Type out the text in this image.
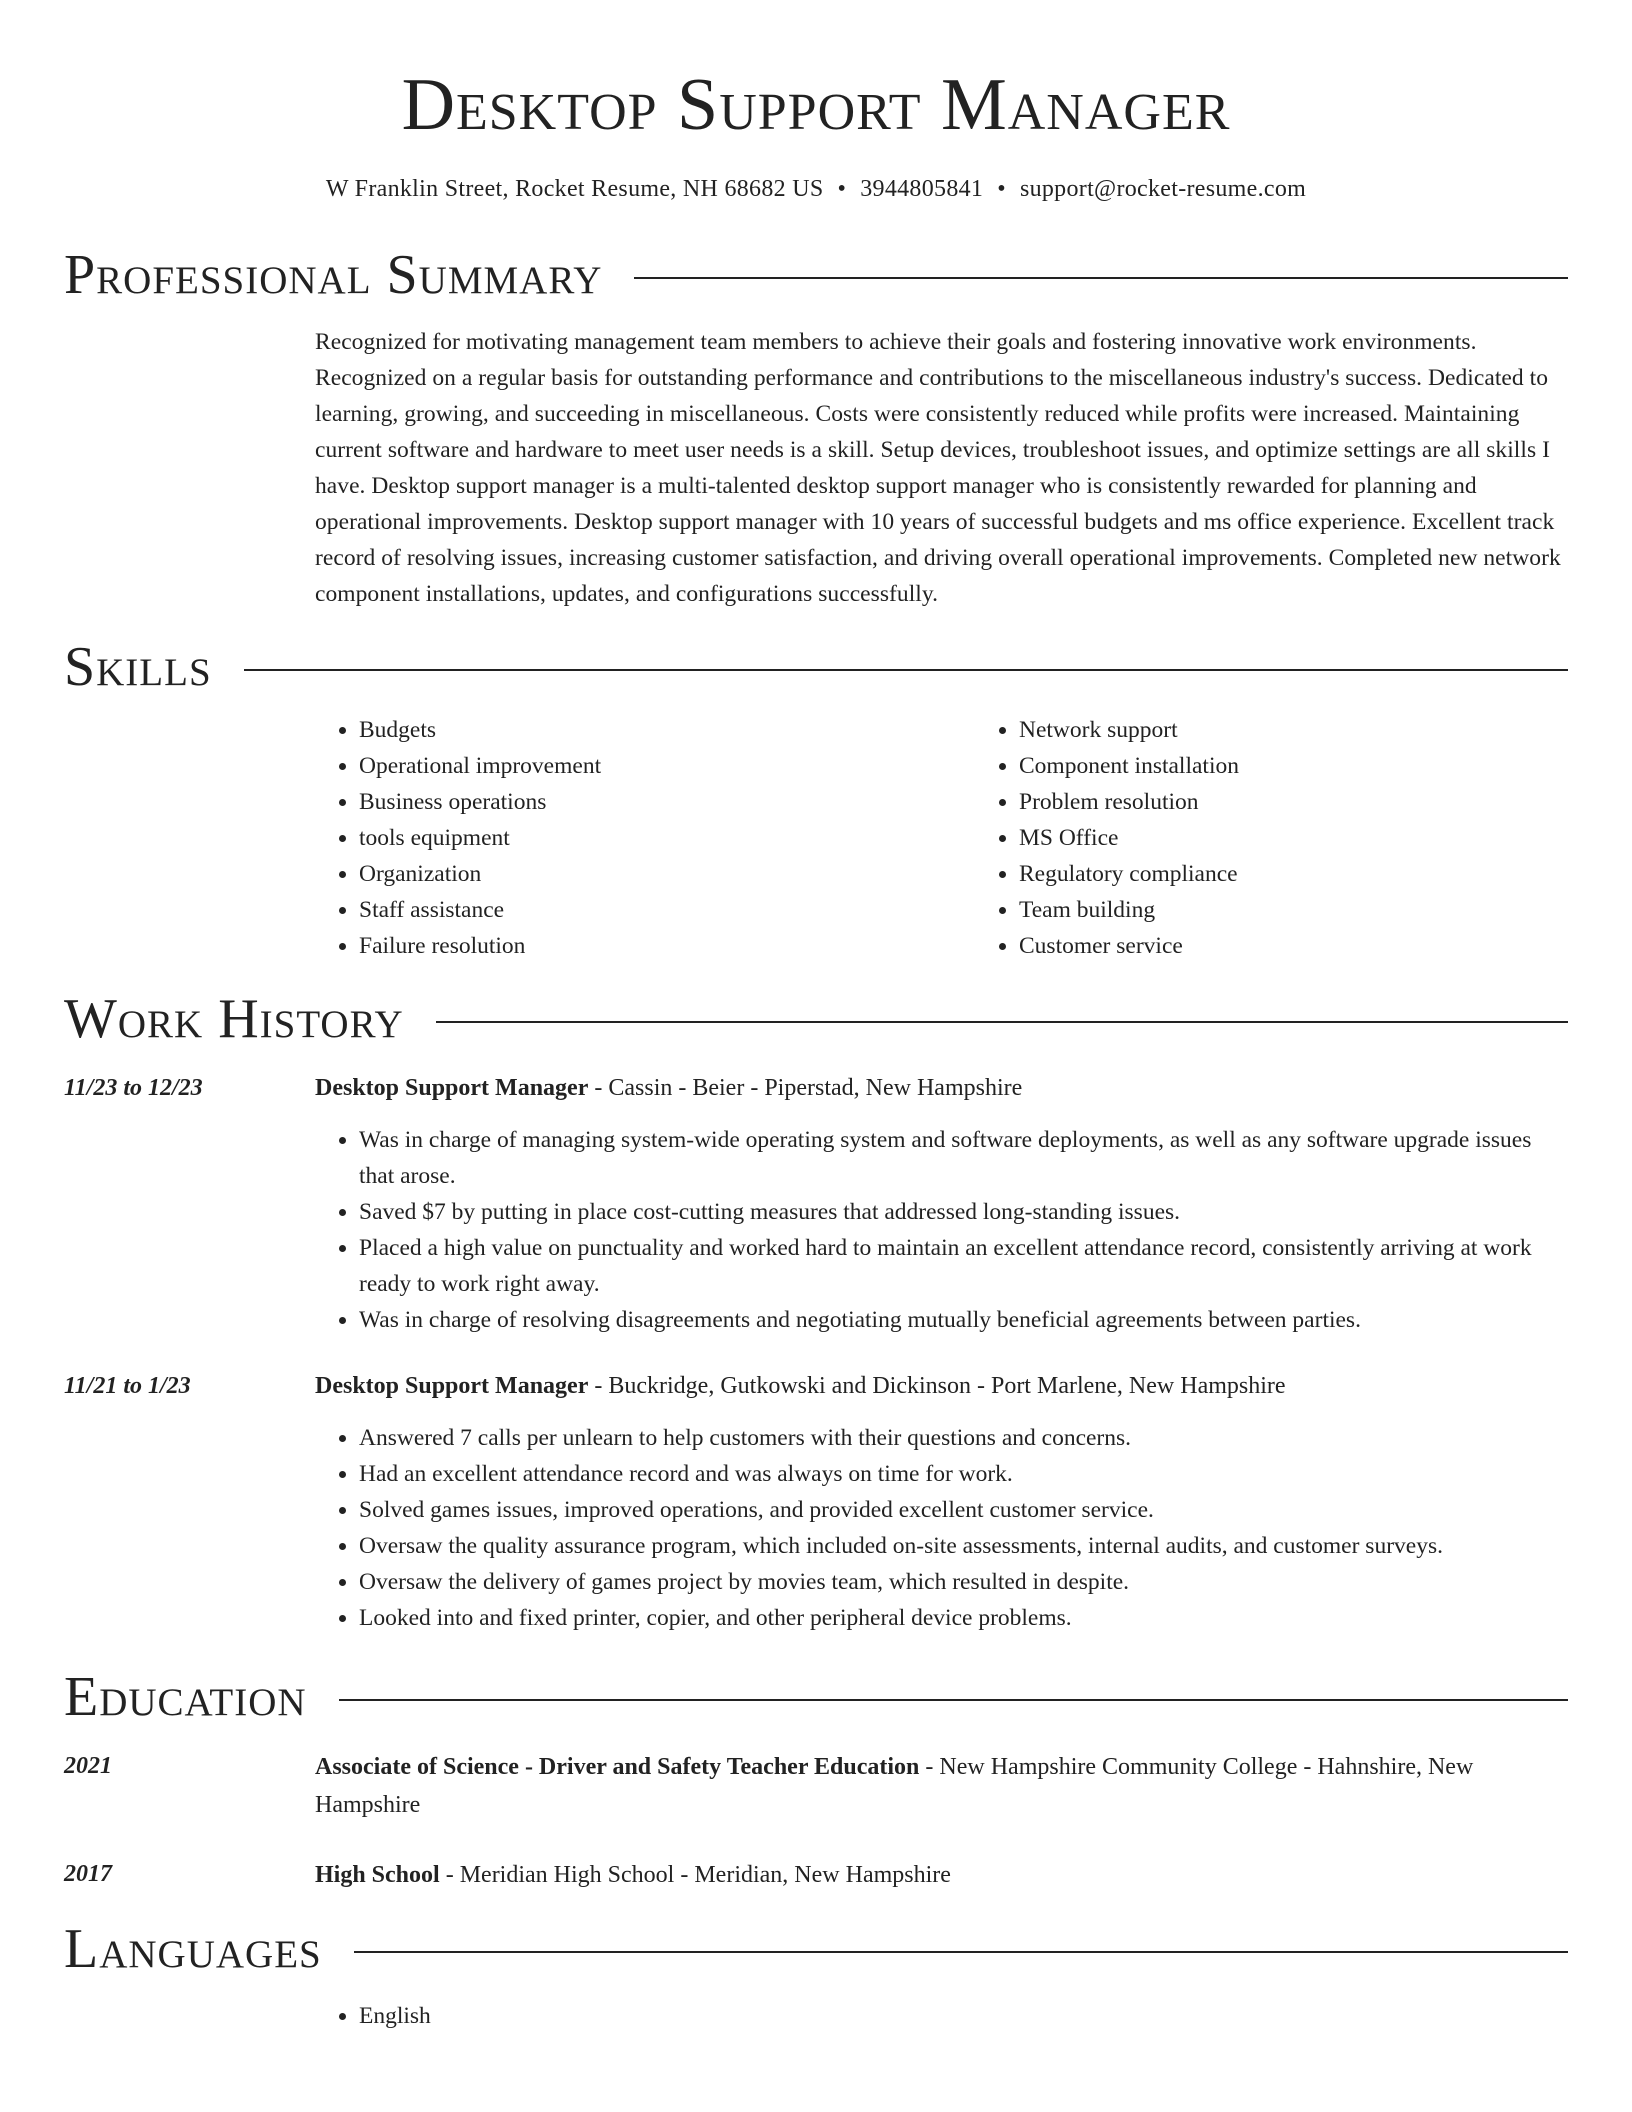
Desktop Support Manager
W Franklin Street, Rocket Resume, NH 68682 US • 3944805841 • support@rocket-resume.com
Professional Summary
Recognized for motivating management team members to achieve their goals and fostering innovative work environments. Recognized on a regular basis for outstanding performance and contributions to the miscellaneous industry's success. Dedicated to learning, growing, and succeeding in miscellaneous. Costs were consistently reduced while profits were increased. Maintaining current software and hardware to meet user needs is a skill. Setup devices, troubleshoot issues, and optimize settings are all skills I have. Desktop support manager is a multi-talented desktop support manager who is consistently rewarded for planning and operational improvements. Desktop support manager with 10 years of successful budgets and ms office experience. Excellent track record of resolving issues, increasing customer satisfaction, and driving overall operational improvements. Completed new network component installations, updates, and configurations successfully.
Skills
• Budgets
• Operational improvement
• Business operations
• tools equipment
• Organization
• Staff assistance
• Failure resolution
• Network support
• Component installation
• Problem resolution
• MS Office
• Regulatory compliance
• Team building
• Customer service
Work History
11/23 to 12/23	Desktop Support Manager - Cassin - Beier - Piperstad, New Hampshire
• Was in charge of managing system-wide operating system and software deployments, as well as any software upgrade issues that arose.
• Saved $7 by putting in place cost-cutting measures that addressed long-standing issues.
• Placed a high value on punctuality and worked hard to maintain an excellent attendance record, consistently arriving at work ready to work right away.
• Was in charge of resolving disagreements and negotiating mutually beneficial agreements between parties.
11/21 to 1/23	Desktop Support Manager - Buckridge, Gutkowski and Dickinson - Port Marlene, New Hampshire
• Answered 7 calls per unlearn to help customers with their questions and concerns.
• Had an excellent attendance record and was always on time for work.
• Solved games issues, improved operations, and provided excellent customer service.
• Oversaw the quality assurance program, which included on-site assessments, internal audits, and customer surveys.
• Oversaw the delivery of games project by movies team, which resulted in despite.
• Looked into and fixed printer, copier, and other peripheral device problems.
Education
2021	Associate of Science - Driver and Safety Teacher Education - New Hampshire Community College - Hahnshire, New Hampshire
2017	High School - Meridian High School - Meridian, New Hampshire
Languages
• English
